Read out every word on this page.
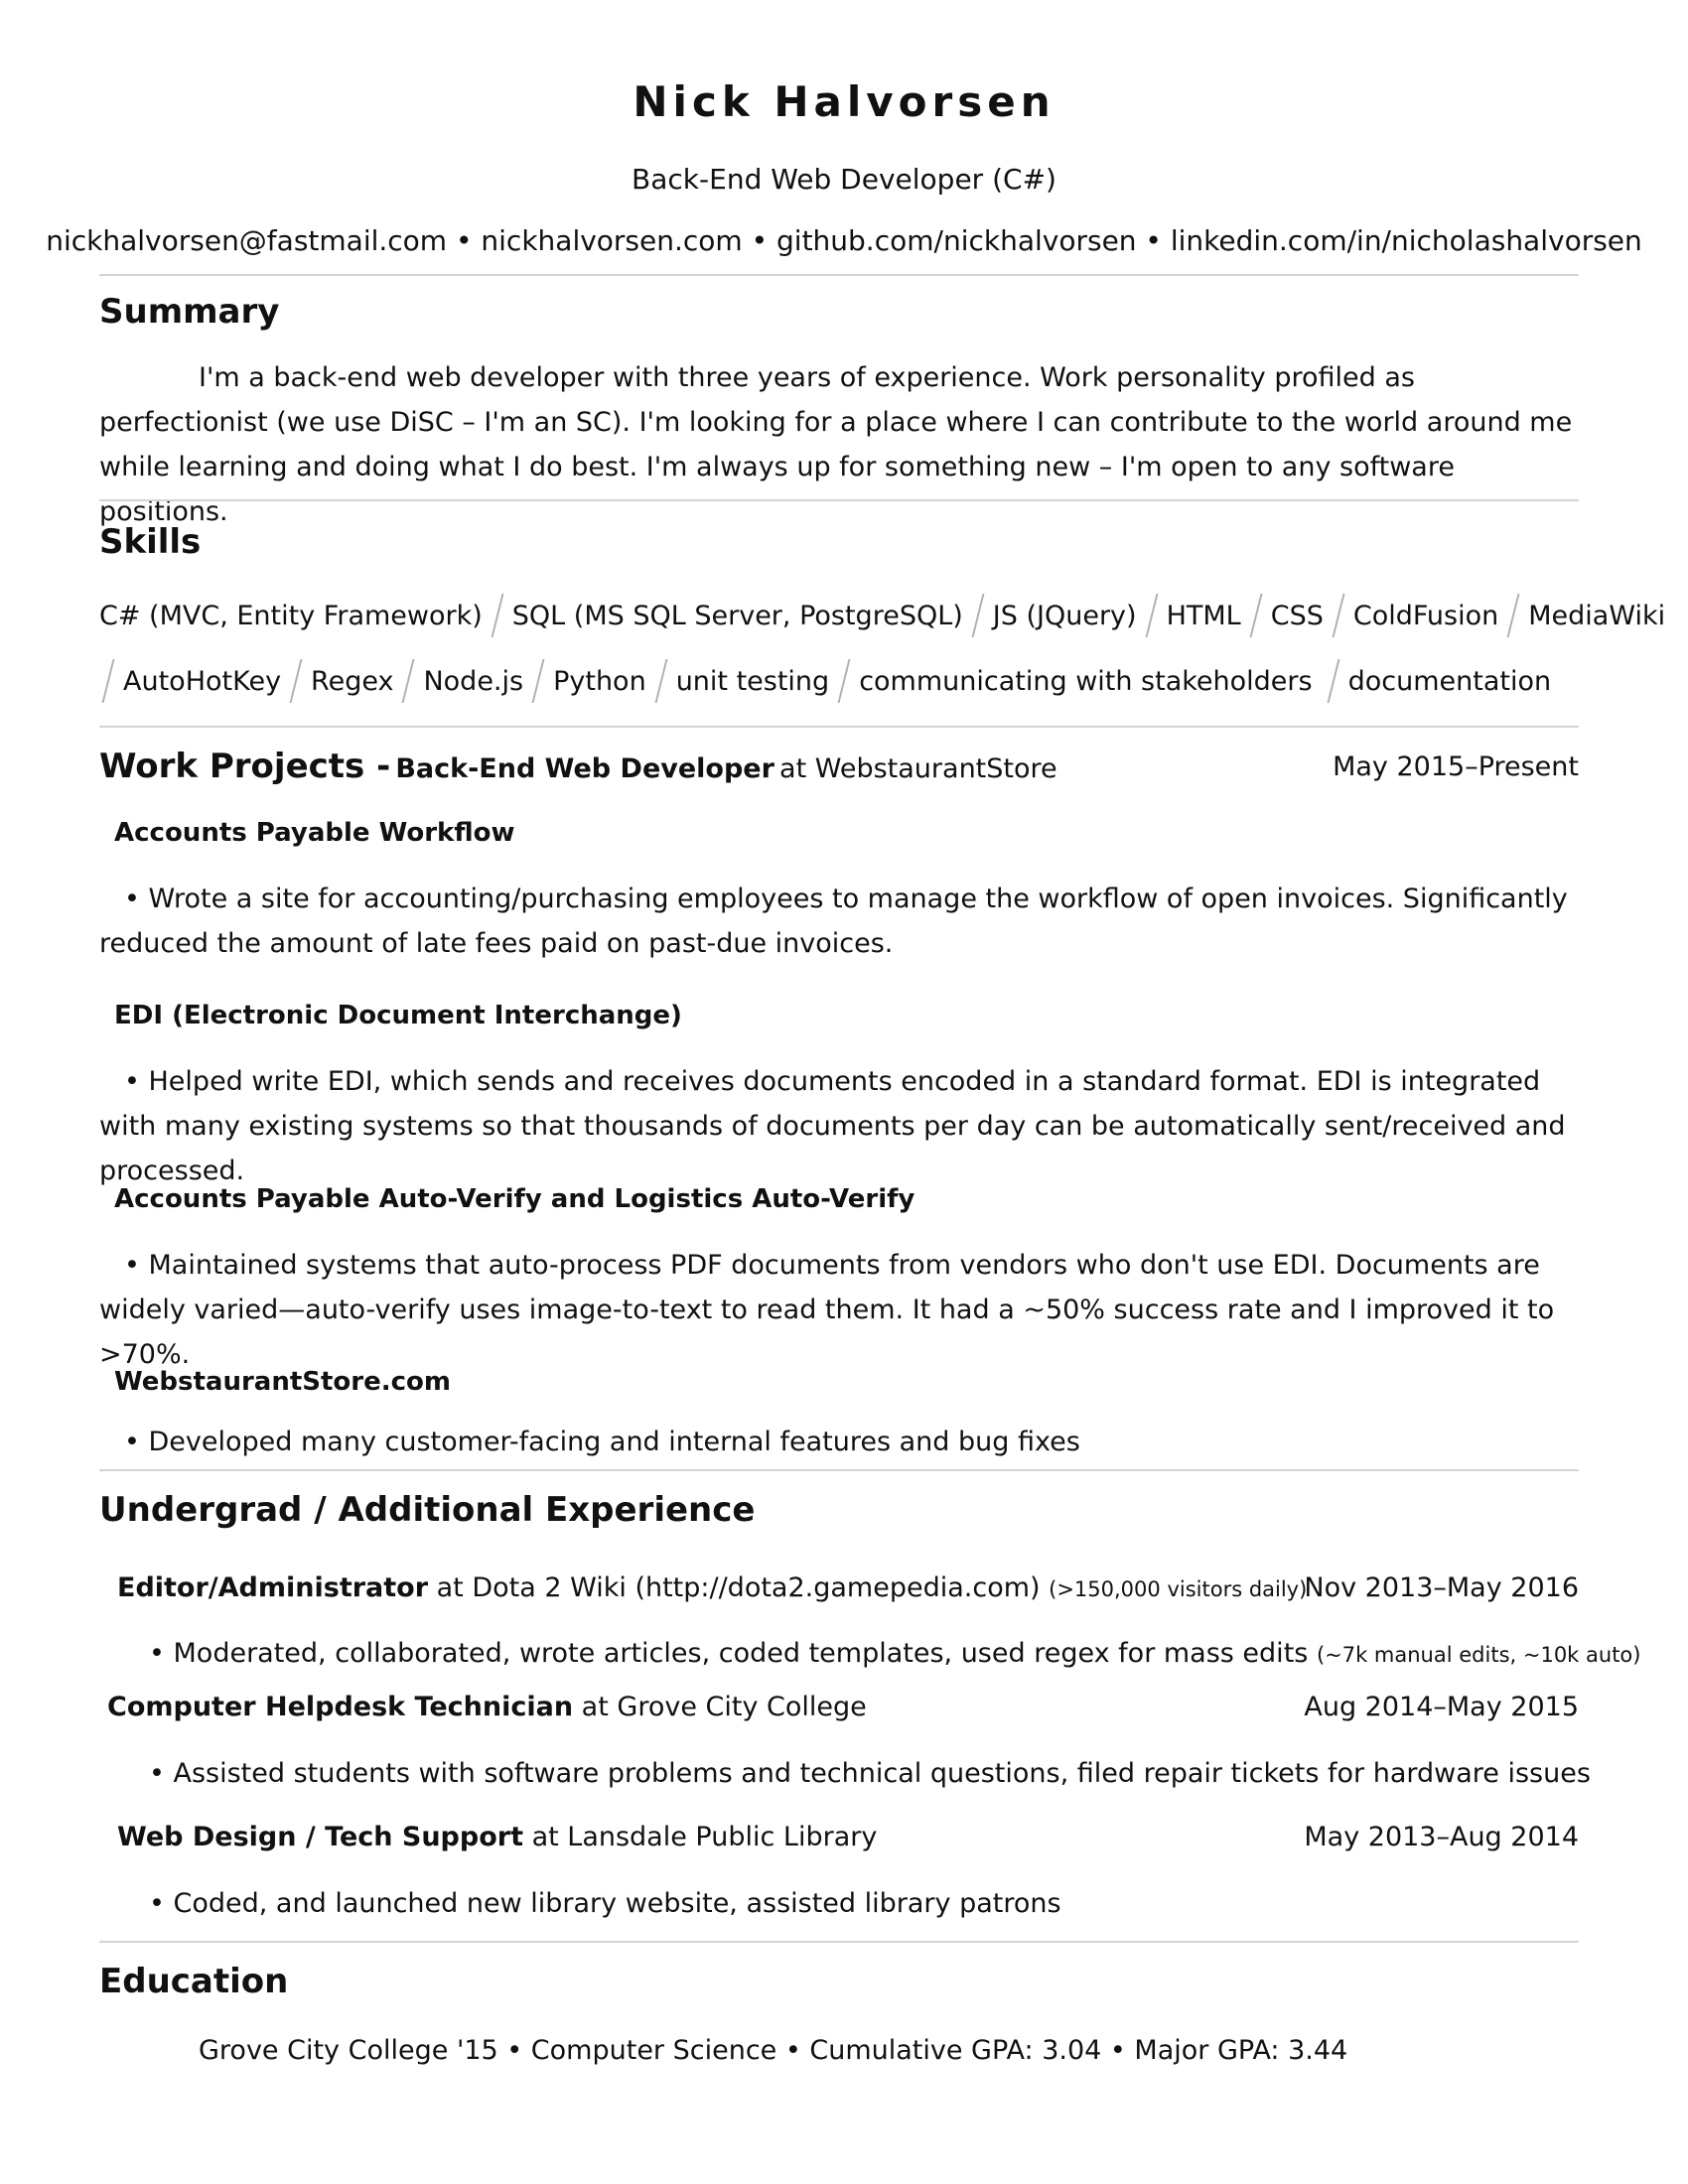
Nick Halvorsen
Back-End Web Developer (C#)
nickhalvorsen@fastmail.com • nickhalvorsen.com • github.com/nickhalvorsen • linkedin.com/in/nicholashalvorsen
Summary
I'm a back-end web developer with three years of experience. Work personality profiled as perfectionist (we use DiSC – I'm an SC). I'm looking for a place where I can contribute to the world around me while learning and doing what I do best. I'm always up for something new – I'm open to any software positions.
Skills
C# (MVC, Entity Framework) SQL (MS SQL Server, PostgreSQL) JS (JQuery) HTML CSS ColdFusion MediaWiki
AutoHotKey Regex Node.js Python unit testing communicating with stakeholders documentation
Work Projects - Back-End Web Developer at WebstaurantStore	May 2015–Present
Accounts Payable Workflow
• Wrote a site for accounting/purchasing employees to manage the workflow of open invoices. Significantly reduced the amount of late fees paid on past-due invoices.
EDI (Electronic Document Interchange)
• Helped write EDI, which sends and receives documents encoded in a standard format. EDI is integrated with many existing systems so that thousands of documents per day can be automatically sent/received and processed.
Accounts Payable Auto-Verify and Logistics Auto-Verify
• Maintained systems that auto-process PDF documents from vendors who don't use EDI. Documents are widely varied—auto-verify uses image-to-text to read them. It had a ~50% success rate and I improved it to >70%.
WebstaurantStore.com
• Developed many customer-facing and internal features and bug fixes
Undergrad / Additional Experience
Editor/Administrator at Dota 2 Wiki (http://dota2.gamepedia.com) (>150,000 visitors daily)
Nov 2013–May 2016
• Moderated, collaborated, wrote articles, coded templates, used regex for mass edits (~7k manual edits, ~10k auto)
Computer Helpdesk Technician at Grove City College	Aug 2014–May 2015
• Assisted students with software problems and technical questions, filed repair tickets for hardware issues
Web Design / Tech Support at Lansdale Public Library	May 2013–Aug 2014
• Coded, and launched new library website, assisted library patrons
Education
Grove City College '15 • Computer Science • Cumulative GPA: 3.04 • Major GPA: 3.44
